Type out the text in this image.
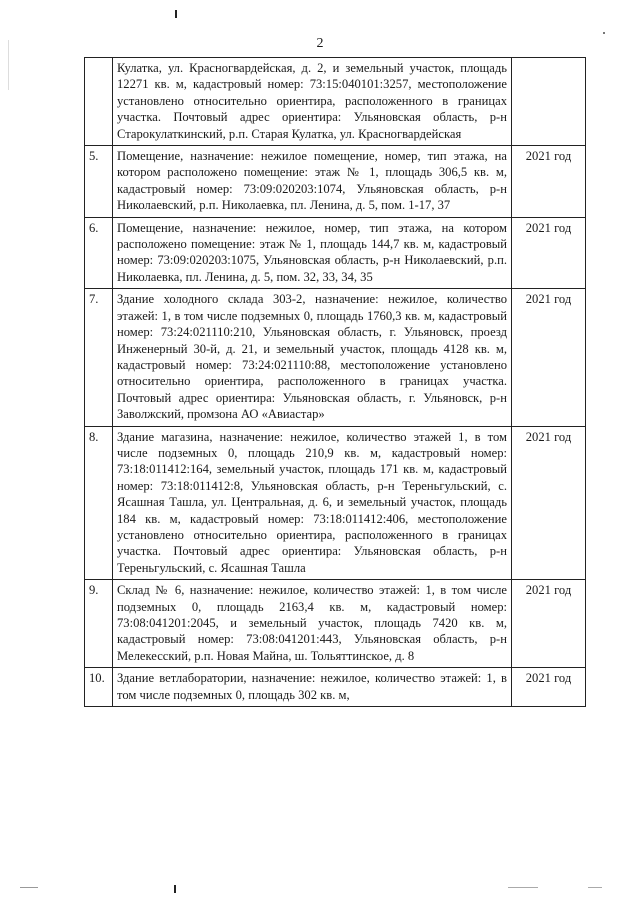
2
	Кулатка, ул. Красногвардейская, д. 2, и земельный участок, площадь 12271 кв. м, кадастровый номер: 73:15:040101:3257, местоположение установлено относительно ориентира, расположенного в границах участка. Почтовый адрес ориентира: Ульяновская область, р-н Старокулаткинский, р.п. Старая Кулатка, ул. Красногвардейская	
5.	Помещение, назначение: нежилое помещение, номер, тип этажа, на котором расположено помещение: этаж № 1, площадь 306,5 кв. м, кадастровый номер: 73:09:020203:1074, Ульяновская область, р-н Николаевский, р.п. Николаевка, пл. Ленина, д. 5, пом. 1-17, 37	2021 год
6.	Помещение, назначение: нежилое, номер, тип этажа, на котором расположено помещение: этаж № 1, площадь 144,7 кв. м, кадастровый номер: 73:09:020203:1075, Ульяновская область, р-н Николаевский, р.п. Николаевка, пл. Ленина, д. 5, пом. 32, 33, 34, 35	2021 год
7.	Здание холодного склада 303-2, назначение: нежилое, количество этажей: 1, в том числе подземных 0, площадь 1760,3 кв. м, кадастровый номер: 73:24:021110:210, Ульяновская область, г. Ульяновск, проезд Инженерный 30-й, д. 21, и земельный участок, площадь 4128 кв. м, кадастровый номер: 73:24:021110:88, местоположение установлено относительно ориентира, расположенного в границах участка. Почтовый адрес ориентира: Ульяновская область, г. Ульяновск, р-н Заволжский, промзона АО «Авиастар»	2021 год
8.	Здание магазина, назначение: нежилое, количество этажей 1, в том числе подземных 0, площадь 210,9 кв. м, кадастровый номер: 73:18:011412:164, земельный участок, площадь 171 кв. м, кадастровый номер: 73:18:011412:8, Ульяновская область, р-н Тереньгульский, с. Ясашная Ташла, ул. Центральная, д. 6, и земельный участок, площадь 184 кв. м, кадастровый номер: 73:18:011412:406, местоположение установлено относительно ориентира, расположенного в границах участка. Почтовый адрес ориентира: Ульяновская область, р-н Тереньгульский, с. Ясашная Ташла	2021 год
9.	Склад № 6, назначение: нежилое, количество этажей: 1, в том числе подземных 0, площадь 2163,4 кв. м, кадастровый номер: 73:08:041201:2045, и земельный участок, площадь 7420 кв. м, кадастровый номер: 73:08:041201:443, Ульяновская область, р-н Мелекесский, р.п. Новая Майна, ш. Тольяттинское, д. 8	2021 год
10.	Здание ветлаборатории, назначение: нежилое, количество этажей: 1, в том числе подземных 0, площадь 302 кв. м,	2021 год
